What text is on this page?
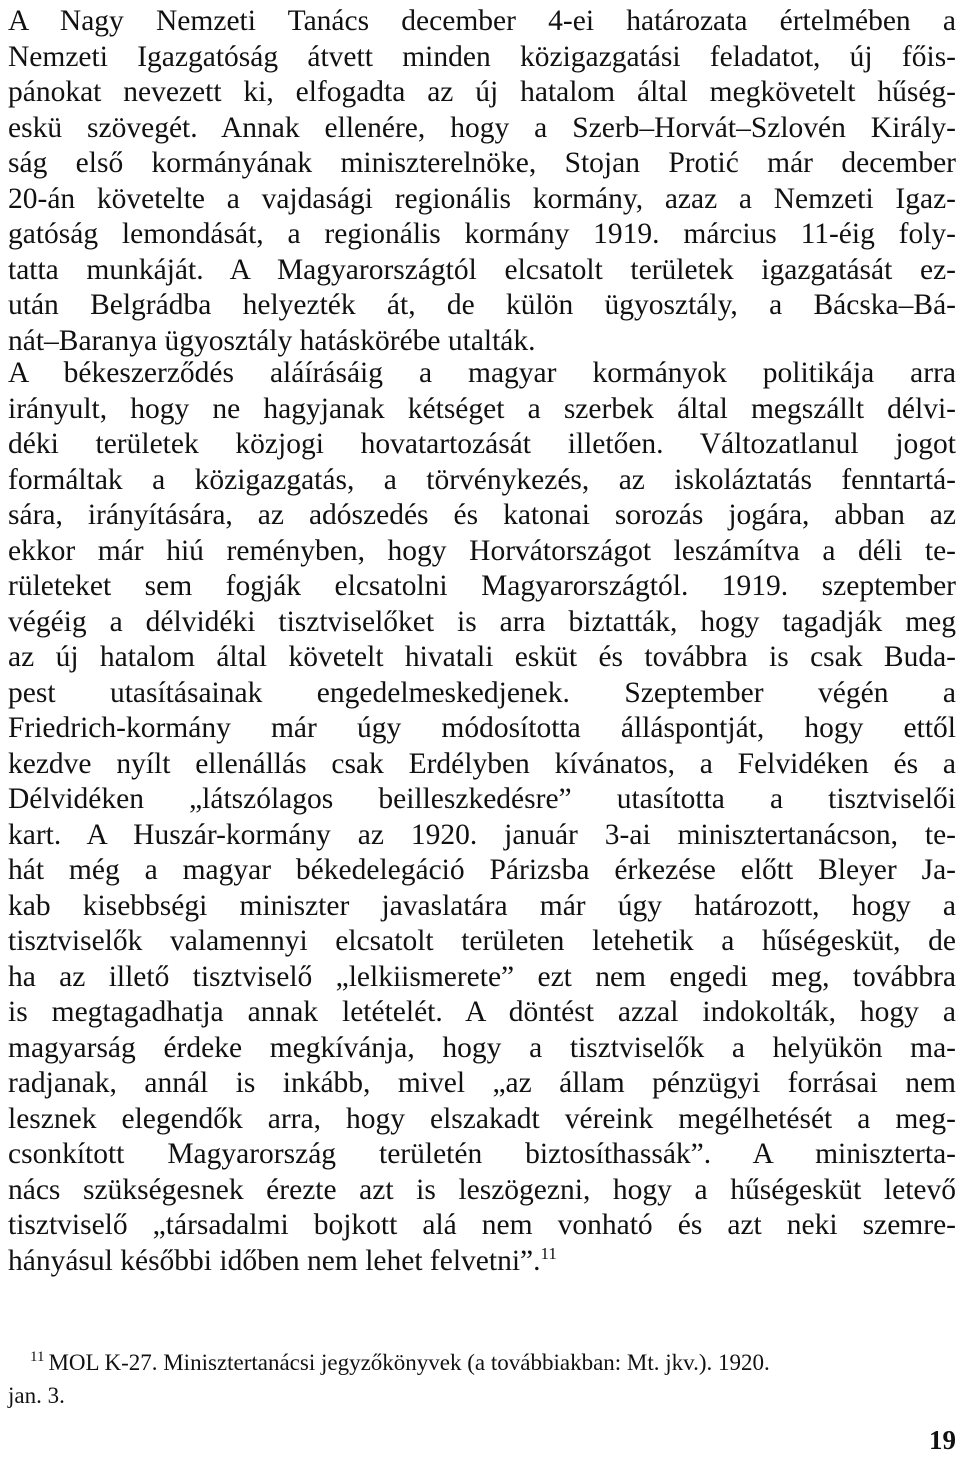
A Nagy Nemzeti Tanács december 4-ei határozata értelmében a
Nemzeti Igazgatóság átvett minden közigazgatási feladatot, új főis-
pánokat nevezett ki, elfogadta az új hatalom által megkövetelt hűség-
eskü szövegét. Annak ellenére, hogy a Szerb–Horvát–Szlovén Király-
ság első kormányának miniszterelnöke, Stojan Protić már december
20-án követelte a vajdasági regionális kormány, azaz a Nemzeti Igaz-
gatóság lemondását, a regionális kormány 1919. március 11-éig foly-
tatta munkáját. A Magyarországtól elcsatolt területek igazgatását ez-
után Belgrádba helyezték át, de külön ügyosztály, a Bácska–Bá-
nát–Baranya ügyosztály hatáskörébe utalták.
A békeszerződés aláírásáig a magyar kormányok politikája arra
irányult, hogy ne hagyjanak kétséget a szerbek által megszállt délvi-
déki területek közjogi hovatartozását illetően. Változatlanul jogot
formáltak a közigazgatás, a törvénykezés, az iskoláztatás fenntartá-
sára, irányítására, az adószedés és katonai sorozás jogára, abban az
ekkor már hiú reményben, hogy Horvátországot leszámítva a déli te-
rületeket sem fogják elcsatolni Magyarországtól. 1919. szeptember
végéig a délvidéki tisztviselőket is arra biztatták, hogy tagadják meg
az új hatalom által követelt hivatali esküt és továbbra is csak Buda-
pest utasításainak engedelmeskedjenek. Szeptember végén a
Friedrich-kormány már úgy módosította álláspontját, hogy ettől
kezdve nyílt ellenállás csak Erdélyben kívánatos, a Felvidéken és a
Délvidéken „látszólagos beilleszkedésre” utasította a tisztviselői
kart. A Huszár-kormány az 1920. január 3-ai minisztertanácson, te-
hát még a magyar békedelegáció Párizsba érkezése előtt Bleyer Ja-
kab kisebbségi miniszter javaslatára már úgy határozott, hogy a
tisztviselők valamennyi elcsatolt területen letehetik a hűségesküt, de
ha az illető tisztviselő „lelkiismerete” ezt nem engedi meg, továbbra
is megtagadhatja annak letételét. A döntést azzal indokolták, hogy a
magyarság érdeke megkívánja, hogy a tisztviselők a helyükön ma-
radjanak, annál is inkább, mivel „az állam pénzügyi forrásai nem
lesznek elegendők arra, hogy elszakadt véreink megélhetését a meg-
csonkított Magyarország területén biztosíthassák”. A miniszterta-
nács szükségesnek érezte azt is leszögezni, hogy a hűségesküt letevő
tisztviselő „társadalmi bojkott alá nem vonható és azt neki szemre-
hányásul későbbi időben nem lehet felvetni”.$^{11}$
$^{11}$ MOL K-27. Minisztertanácsi jegyzőkönyvek (a továbbiakban: Mt. jkv.). 1920.
jan. 3.
19
